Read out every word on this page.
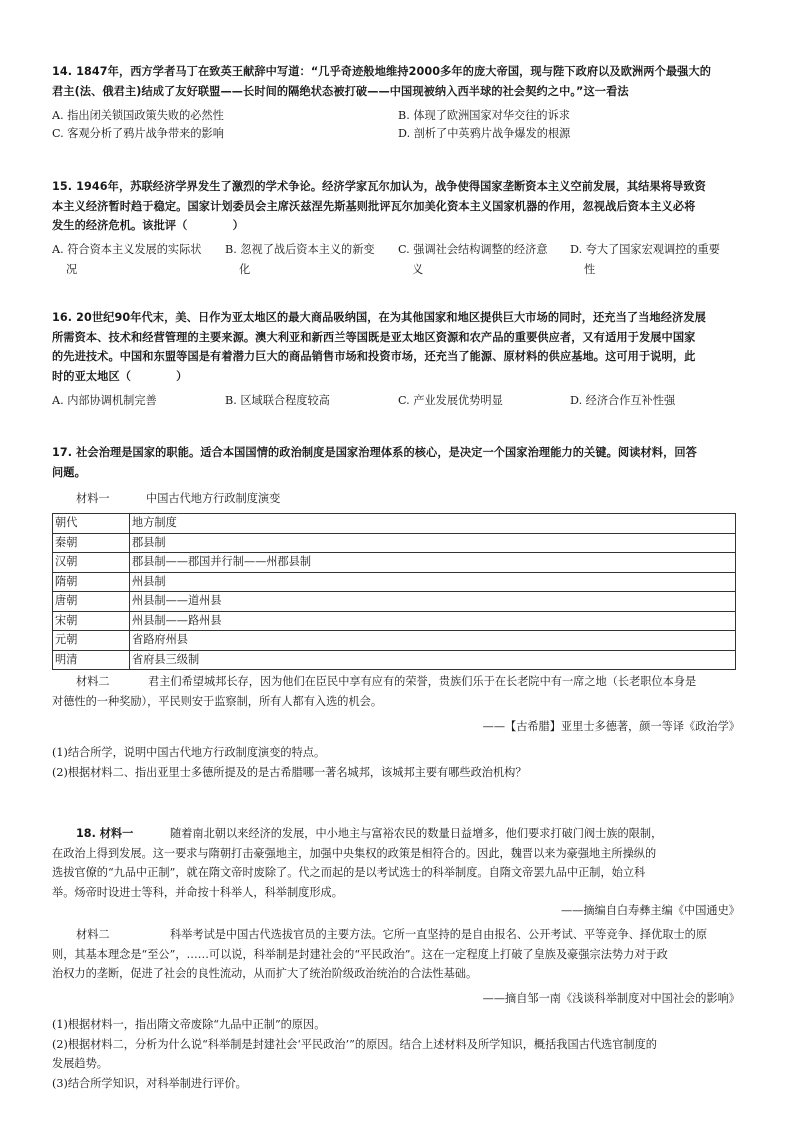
14. 1847年，西方学者马丁在致英王献辞中写道：“几乎奇迹般地维持2000多年的庞大帝国，现与陛下政府以及欧洲两个最强大的
君主(法、俄君主)结成了友好联盟——长时间的隔绝状态被打破——中国现被纳入西半球的社会契约之中。”这一看法
A. 指出闭关锁国政策失败的必然性	B. 体现了欧洲国家对华交往的诉求
C. 客观分析了鸦片战争带来的影响	D. 剖析了中英鸦片战争爆发的根源
15. 1946年，苏联经济学界发生了激烈的学术争论。经济学家瓦尔加认为，战争使得国家垄断资本主义空前发展，其结果将导致资
本主义经济暂时趋于稳定。国家计划委员会主席沃兹涅先斯基则批评瓦尔加美化资本主义国家机器的作用，忽视战后资本主义必将
发生的经济危机。该批评（　　　　）
A. 符合资本主义发展的实际状
况
B. 忽视了战后资本主义的新变
化
C. 强调社会结构调整的经济意
义
D. 夸大了国家宏观调控的重要
性
16. 20世纪90年代末，美、日作为亚太地区的最大商品吸纳国，在为其他国家和地区提供巨大市场的同时，还充当了当地经济发展
所需资本、技术和经营管理的主要来源。澳大利亚和新西兰等国既是亚太地区资源和农产品的重要供应者，又有适用于发展中国家
的先进技术。中国和东盟等国是有着潜力巨大的商品销售市场和投资市场，还充当了能源、原材料的供应基地。这可用于说明，此
时的亚太地区（　　　　）
A. 内部协调机制完善	B. 区域联合程度较高	C. 产业发展优势明显	D. 经济合作互补性强
17. 社会治理是国家的职能。适合本国国情的政治制度是国家治理体系的核心，是决定一个国家治理能力的关键。阅读材料，回答
问题。
材料一	中国古代地方行政制度演变
朝代	地方制度
秦朝	郡县制
汉朝	郡县制——郡国并行制——州郡县制
隋朝	州县制
唐朝	州县制——道州县
宋朝	州县制——路州县
元朝	省路府州县
明清	省府县三级制
材料二	君主们希望城邦长存，因为他们在臣民中享有应有的荣誉，贵族们乐于在长老院中有一席之地（长老职位本身是
对德性的一种奖励），平民则安于监察制，所有人都有入选的机会。
——【古希腊】亚里士多德著，颜一等译《政治学》
(1)结合所学，说明中国古代地方行政制度演变的特点。
(2)根据材料二、指出亚里士多德所提及的是古希腊哪一著名城邦，该城邦主要有哪些政治机构？
18. 材料一	随着南北朝以来经济的发展，中小地主与富裕农民的数量日益增多，他们要求打破门阀士族的限制，
在政治上得到发展。这一要求与隋朝打击豪强地主，加强中央集权的政策是相符合的。因此，魏晋以来为豪强地主所操纵的
选拔官僚的“九品中正制”，就在隋文帝时废除了。代之而起的是以考试选士的科举制度。自隋文帝罢九品中正制，始立科
举。炀帝时设进士等科，并命按十科举人，科举制度形成。
——摘编自白寿彝主编《中国通史》
材料二	科举考试是中国古代选拔官员的主要方法。它所一直坚持的是自由报名、公开考试、平等竞争、择优取士的原
则，其基本理念是“至公”，……可以说，科举制是封建社会的“平民政治”。这在一定程度上打破了皇族及豪强宗法势力对于政
治权力的垄断，促进了社会的良性流动，从而扩大了统治阶级政治统治的合法性基础。
——摘自邹一南《浅谈科举制度对中国社会的影响》
(1)根据材料一，指出隋文帝废除“九品中正制”的原因。
(2)根据材料二，分析为什么说“科举制是封建社会‘平民政治’”的原因。结合上述材料及所学知识，概括我国古代选官制度的
发展趋势。
(3)结合所学知识，对科举制进行评价。
